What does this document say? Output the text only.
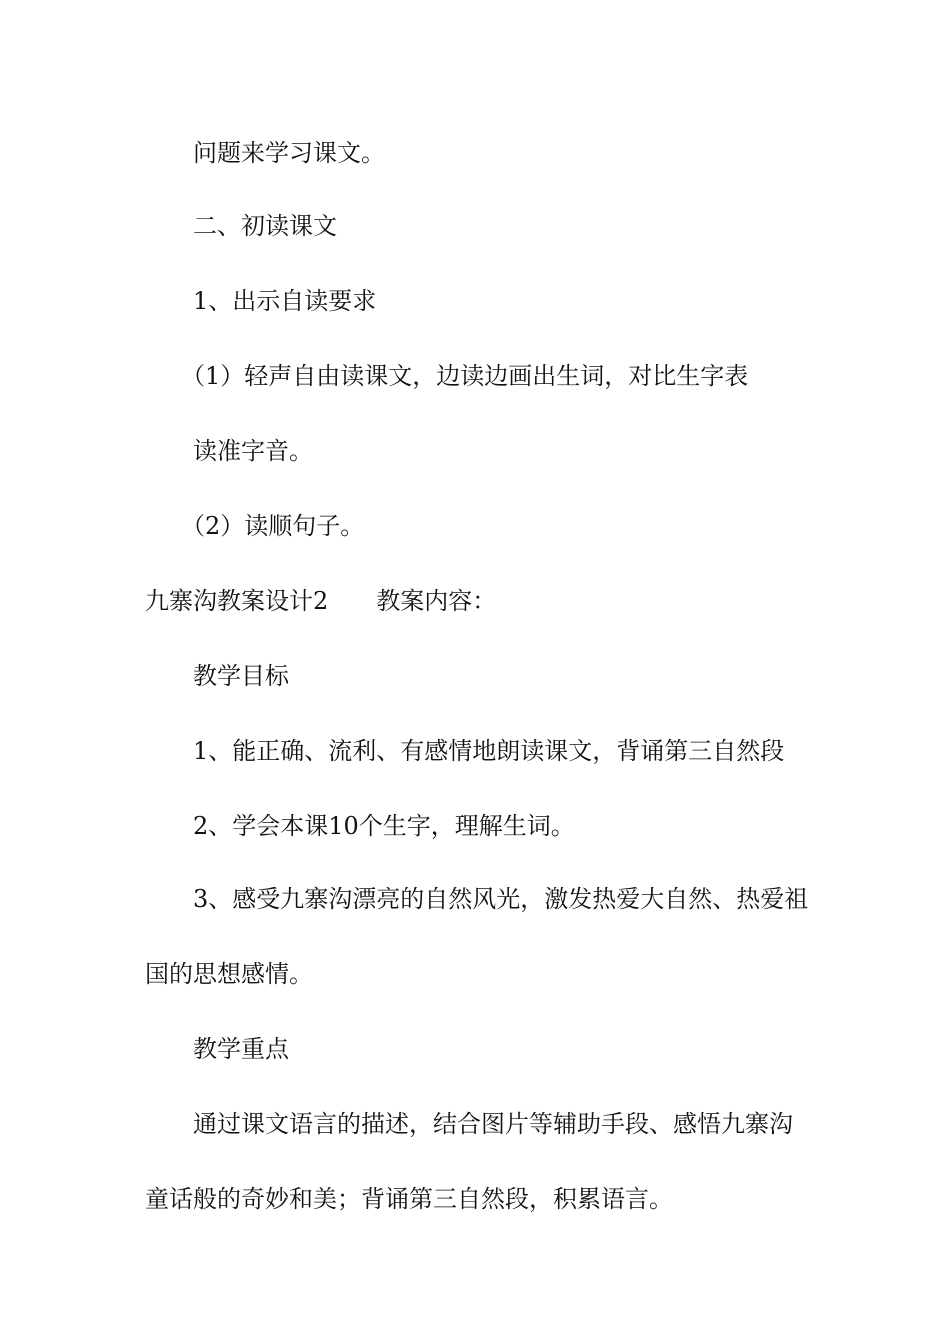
问题来学习课文。
二、初读课文
1、出示自读要求
（1）轻声自由读课文，边读边画出生词，对比生字表
读准字音。
（2）读顺句子。
九寨沟教案设计2　　教案内容：
教学目标
1、能正确、流利、有感情地朗读课文，背诵第三自然段
2、学会本课10个生字，理解生词。
3、感受九寨沟漂亮的自然风光，激发热爱大自然、热爱祖
国的思想感情。
教学重点
通过课文语言的描述，结合图片等辅助手段、感悟九寨沟
童话般的奇妙和美；背诵第三自然段，积累语言。
